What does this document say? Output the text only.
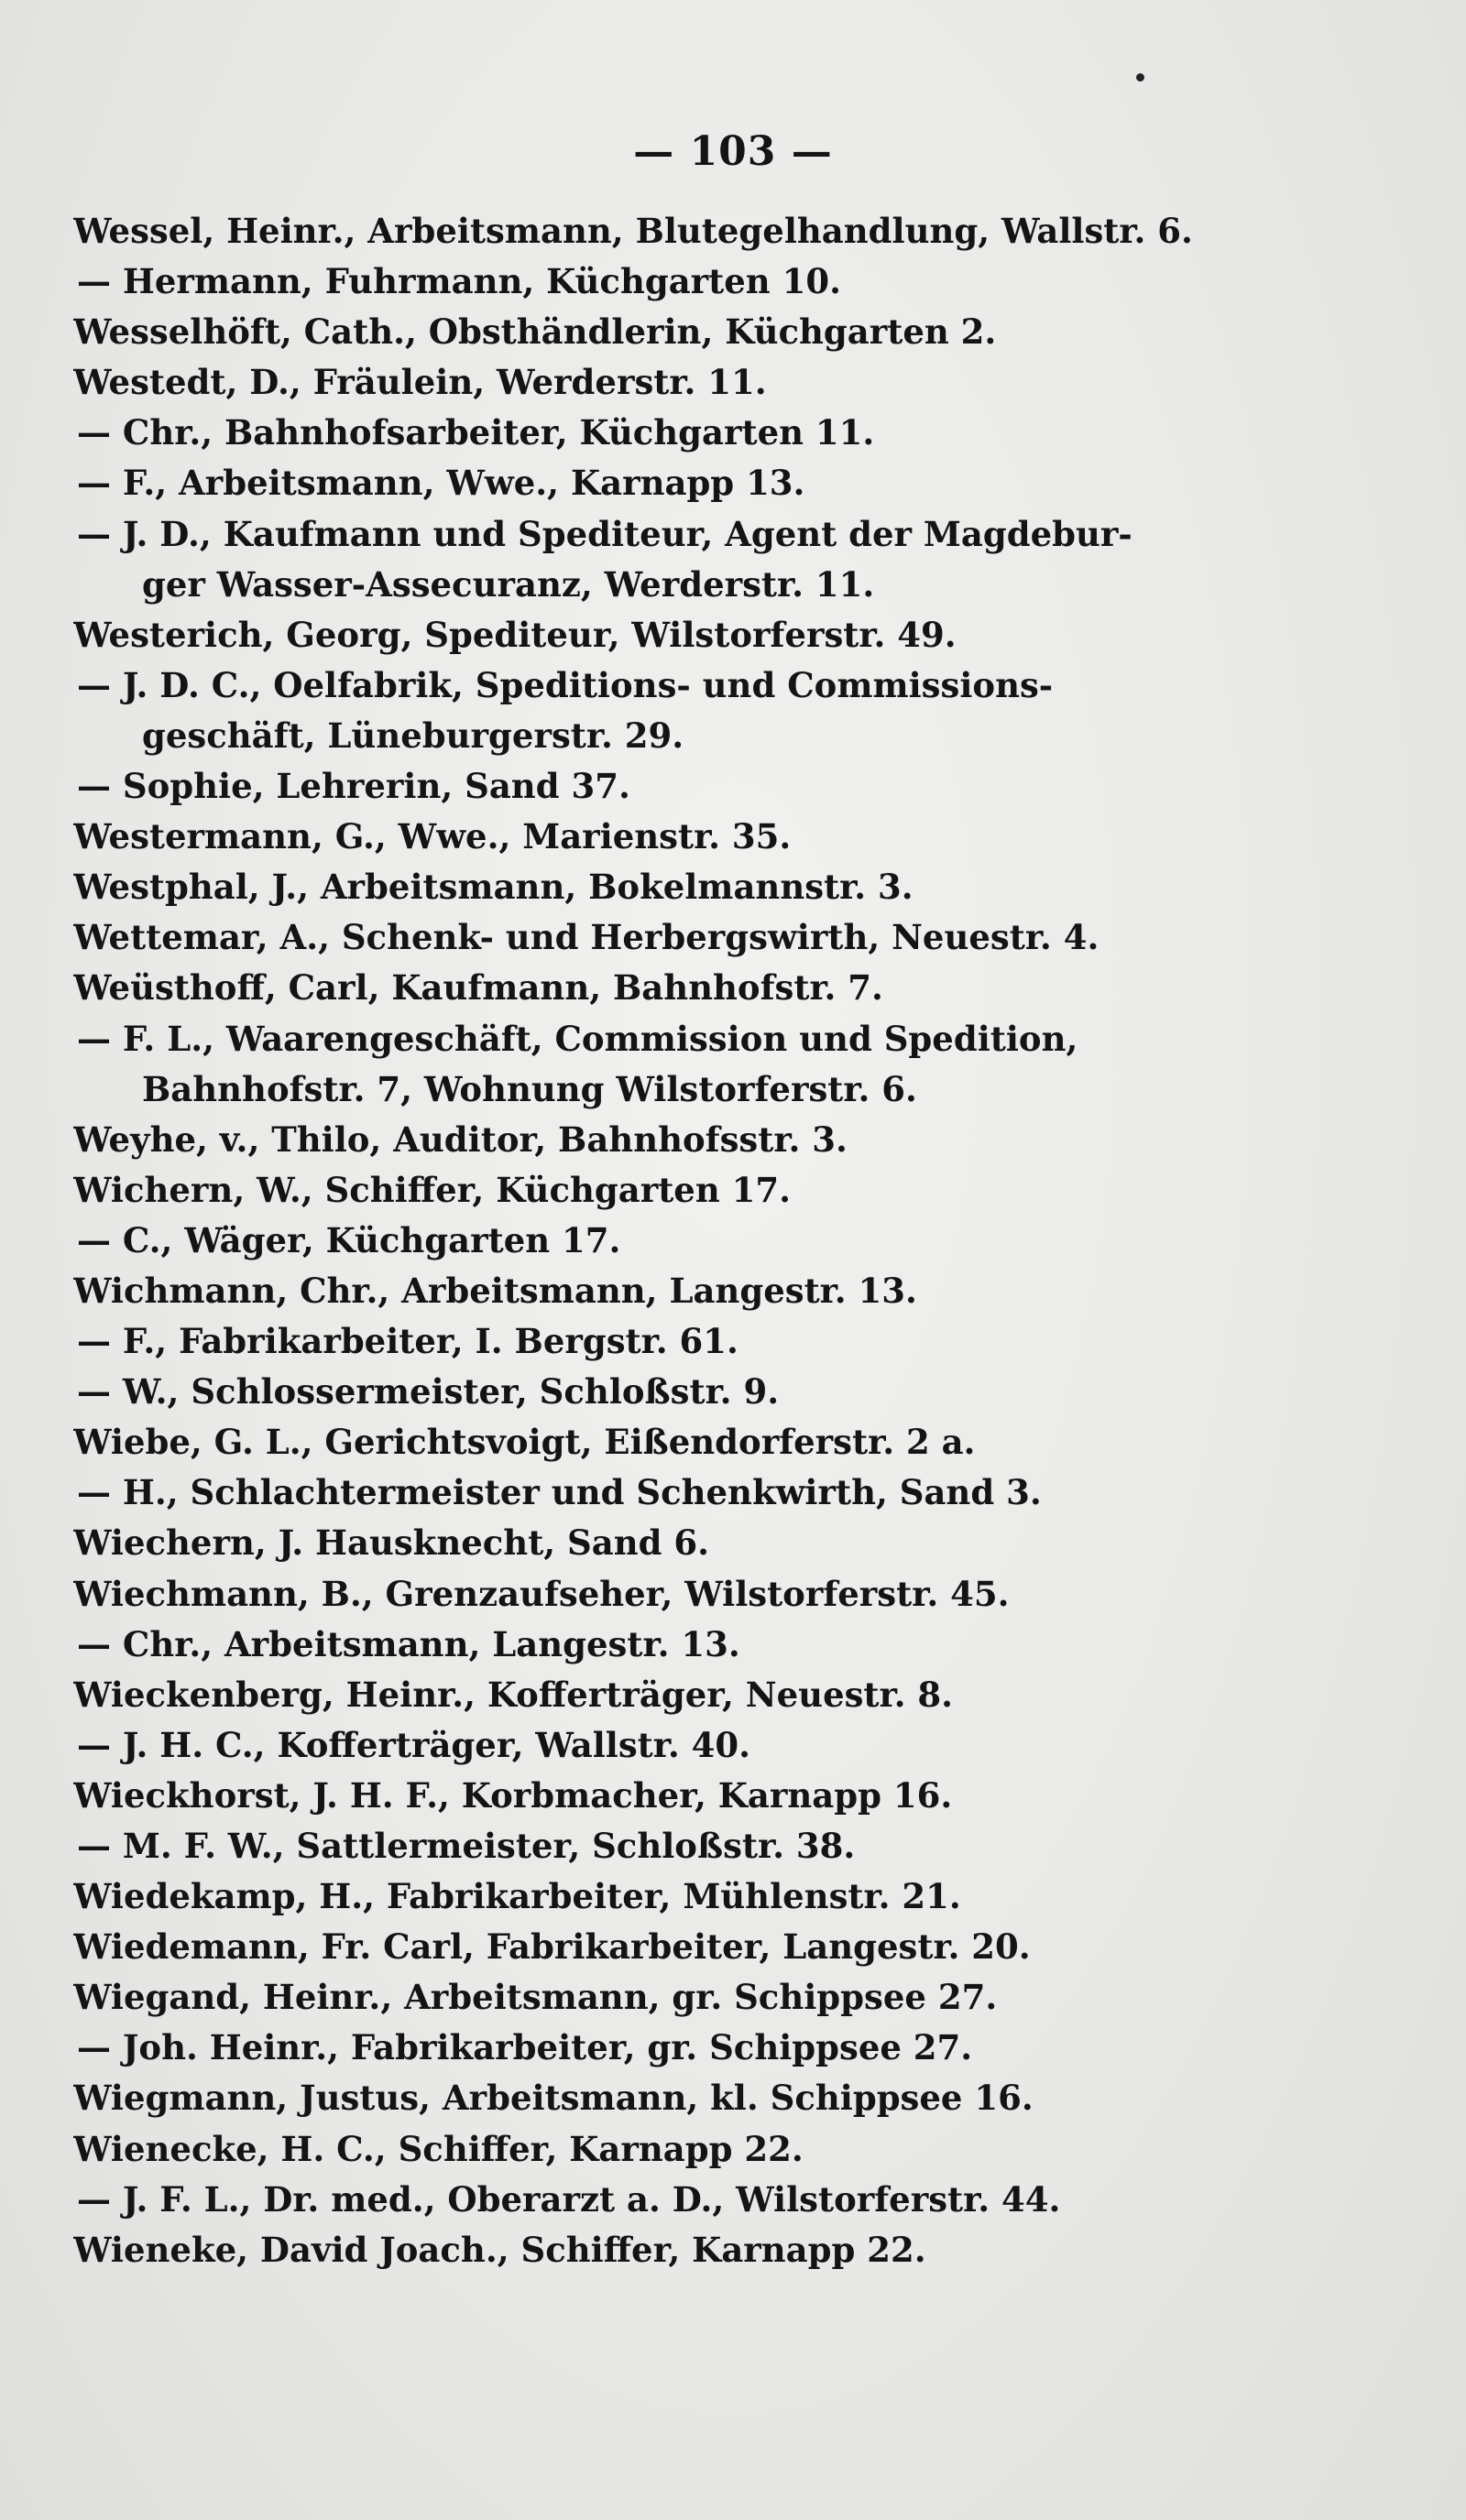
— 103 —
Wessel, Heinr., Arbeitsmann, Blutegelhandlung, Wallstr. 6.
— Hermann, Fuhrmann, Küchgarten 10.
Wesselhöft, Cath., Obsthändlerin, Küchgarten 2.
Westedt, D., Fräulein, Werderstr. 11.
— Chr., Bahnhofsarbeiter, Küchgarten 11.
— F., Arbeitsmann, Wwe., Karnapp 13.
— J. D., Kaufmann und Spediteur, Agent der Magdebur-
ger Wasser-Assecuranz, Werderstr. 11.
Westerich, Georg, Spediteur, Wilstorferstr. 49.
— J. D. C., Oelfabrik, Speditions- und Commissions-
geschäft, Lüneburgerstr. 29.
— Sophie, Lehrerin, Sand 37.
Westermann, G., Wwe., Marienstr. 35.
Westphal, J., Arbeitsmann, Bokelmannstr. 3.
Wettemar, A., Schenk- und Herbergswirth, Neuestr. 4.
Weüsthoff, Carl, Kaufmann, Bahnhofstr. 7.
— F. L., Waarengeschäft, Commission und Spedition,
Bahnhofstr. 7, Wohnung Wilstorferstr. 6.
Weyhe, v., Thilo, Auditor, Bahnhofsstr. 3.
Wichern, W., Schiffer, Küchgarten 17.
— C., Wäger, Küchgarten 17.
Wichmann, Chr., Arbeitsmann, Langestr. 13.
— F., Fabrikarbeiter, I. Bergstr. 61.
— W., Schlossermeister, Schloßstr. 9.
Wiebe, G. L., Gerichtsvoigt, Eißendorferstr. 2 a.
— H., Schlachtermeister und Schenkwirth, Sand 3.
Wiechern, J. Hausknecht, Sand 6.
Wiechmann, B., Grenzaufseher, Wilstorferstr. 45.
— Chr., Arbeitsmann, Langestr. 13.
Wieckenberg, Heinr., Kofferträger, Neuestr. 8.
— J. H. C., Kofferträger, Wallstr. 40.
Wieckhorst, J. H. F., Korbmacher, Karnapp 16.
— M. F. W., Sattlermeister, Schloßstr. 38.
Wiedekamp, H., Fabrikarbeiter, Mühlenstr. 21.
Wiedemann, Fr. Carl, Fabrikarbeiter, Langestr. 20.
Wiegand, Heinr., Arbeitsmann, gr. Schippsee 27.
— Joh. Heinr., Fabrikarbeiter, gr. Schippsee 27.
Wiegmann, Justus, Arbeitsmann, kl. Schippsee 16.
Wienecke, H. C., Schiffer, Karnapp 22.
— J. F. L., Dr. med., Oberarzt a. D., Wilstorferstr. 44.
Wieneke, David Joach., Schiffer, Karnapp 22.
